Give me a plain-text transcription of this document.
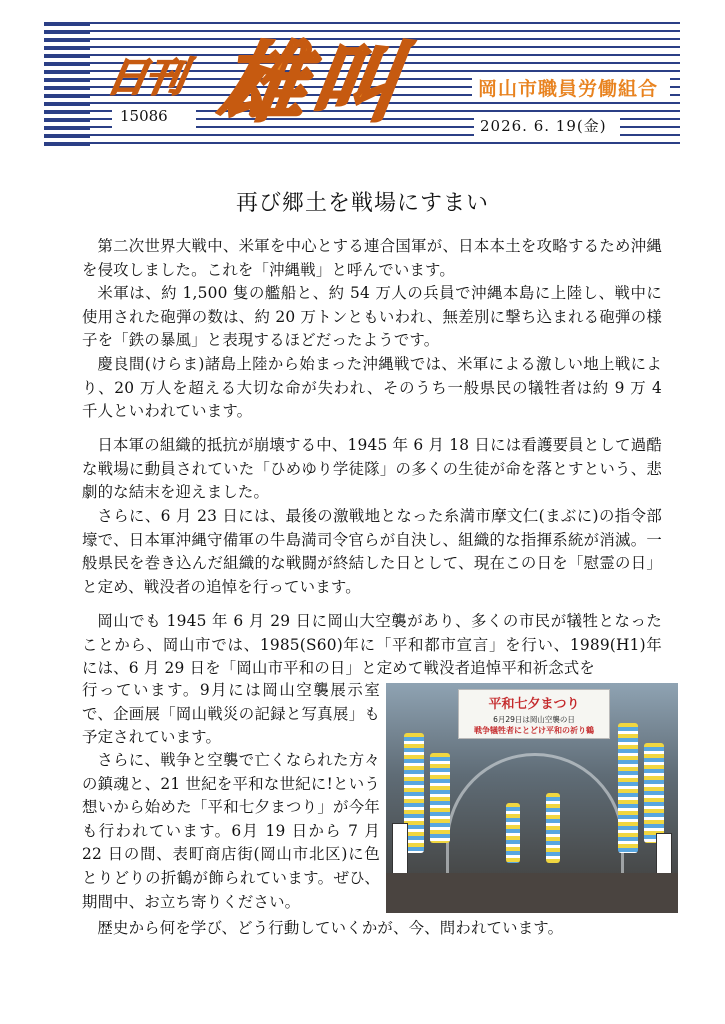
日刊 雄叫	岡山市職員労働組合
15086
2026. 6. 19(金)
再び郷土を戦場にすまい

第二次世界大戦中、米軍を中心とする連合国軍が、日本本土を攻略するため沖縄を侵攻しました。これを「沖縄戦」と呼んでいます。

米軍は、約 1,500 隻の艦船と、約 54 万人の兵員で沖縄本島に上陸し、戦中に使用された砲弾の数は、約 20 万トンともいわれ、無差別に撃ち込まれる砲弾の様子を「鉄の暴風」と表現するほどだったようです。

慶良間(けらま)諸島上陸から始まった沖縄戦では、米軍による激しい地上戦により、20 万人を超える大切な命が失われ、そのうち一般県民の犠牲者は約 9 万 4 千人といわれています。

日本軍の組織的抵抗が崩壊する中、1945 年 6 月 18 日には看護要員として過酷な戦場に動員されていた「ひめゆり学徒隊」の多くの生徒が命を落とすという、悲劇的な結末を迎えました。

さらに、6 月 23 日には、最後の激戦地となった糸満市摩文仁(まぶに)の指令部壕で、日本軍沖縄守備軍の牛島満司令官らが自決し、組織的な指揮系統が消滅。一般県民を巻き込んだ組織的な戦闘が終結した日として、現在この日を「慰霊の日」と定め、戦没者の追悼を行っています。

岡山でも 1945 年 6 月 29 日に岡山大空襲があり、多くの市民が犠牲となったことから、岡山市では、1985(S60)年に「平和都市宣言」を行い、1989(H1)年には、6 月 29 日を「岡山市平和の日」と定めて戦没者追悼平和祈念式を

行っています。9月には岡山空襲展示室で、企画展「岡山戦災の記録と写真展」も予定されています。

さらに、戦争と空襲で亡くなられた方々の鎮魂と、21 世紀を平和な世紀に!という想いから始めた「平和七夕まつり」が今年も行われています。6月 19 日から 7 月 22 日の間、表町商店街(岡山市北区)に色とりどりの折鶴が飾られています。ぜひ、期間中、お立ち寄りください。

歴史から何を学び、どう行動していくかが、今、問われています。

平和七夕まつり
6月29日は岡山空襲の日
戦争犠牲者にとどけ平和の祈り鶴
